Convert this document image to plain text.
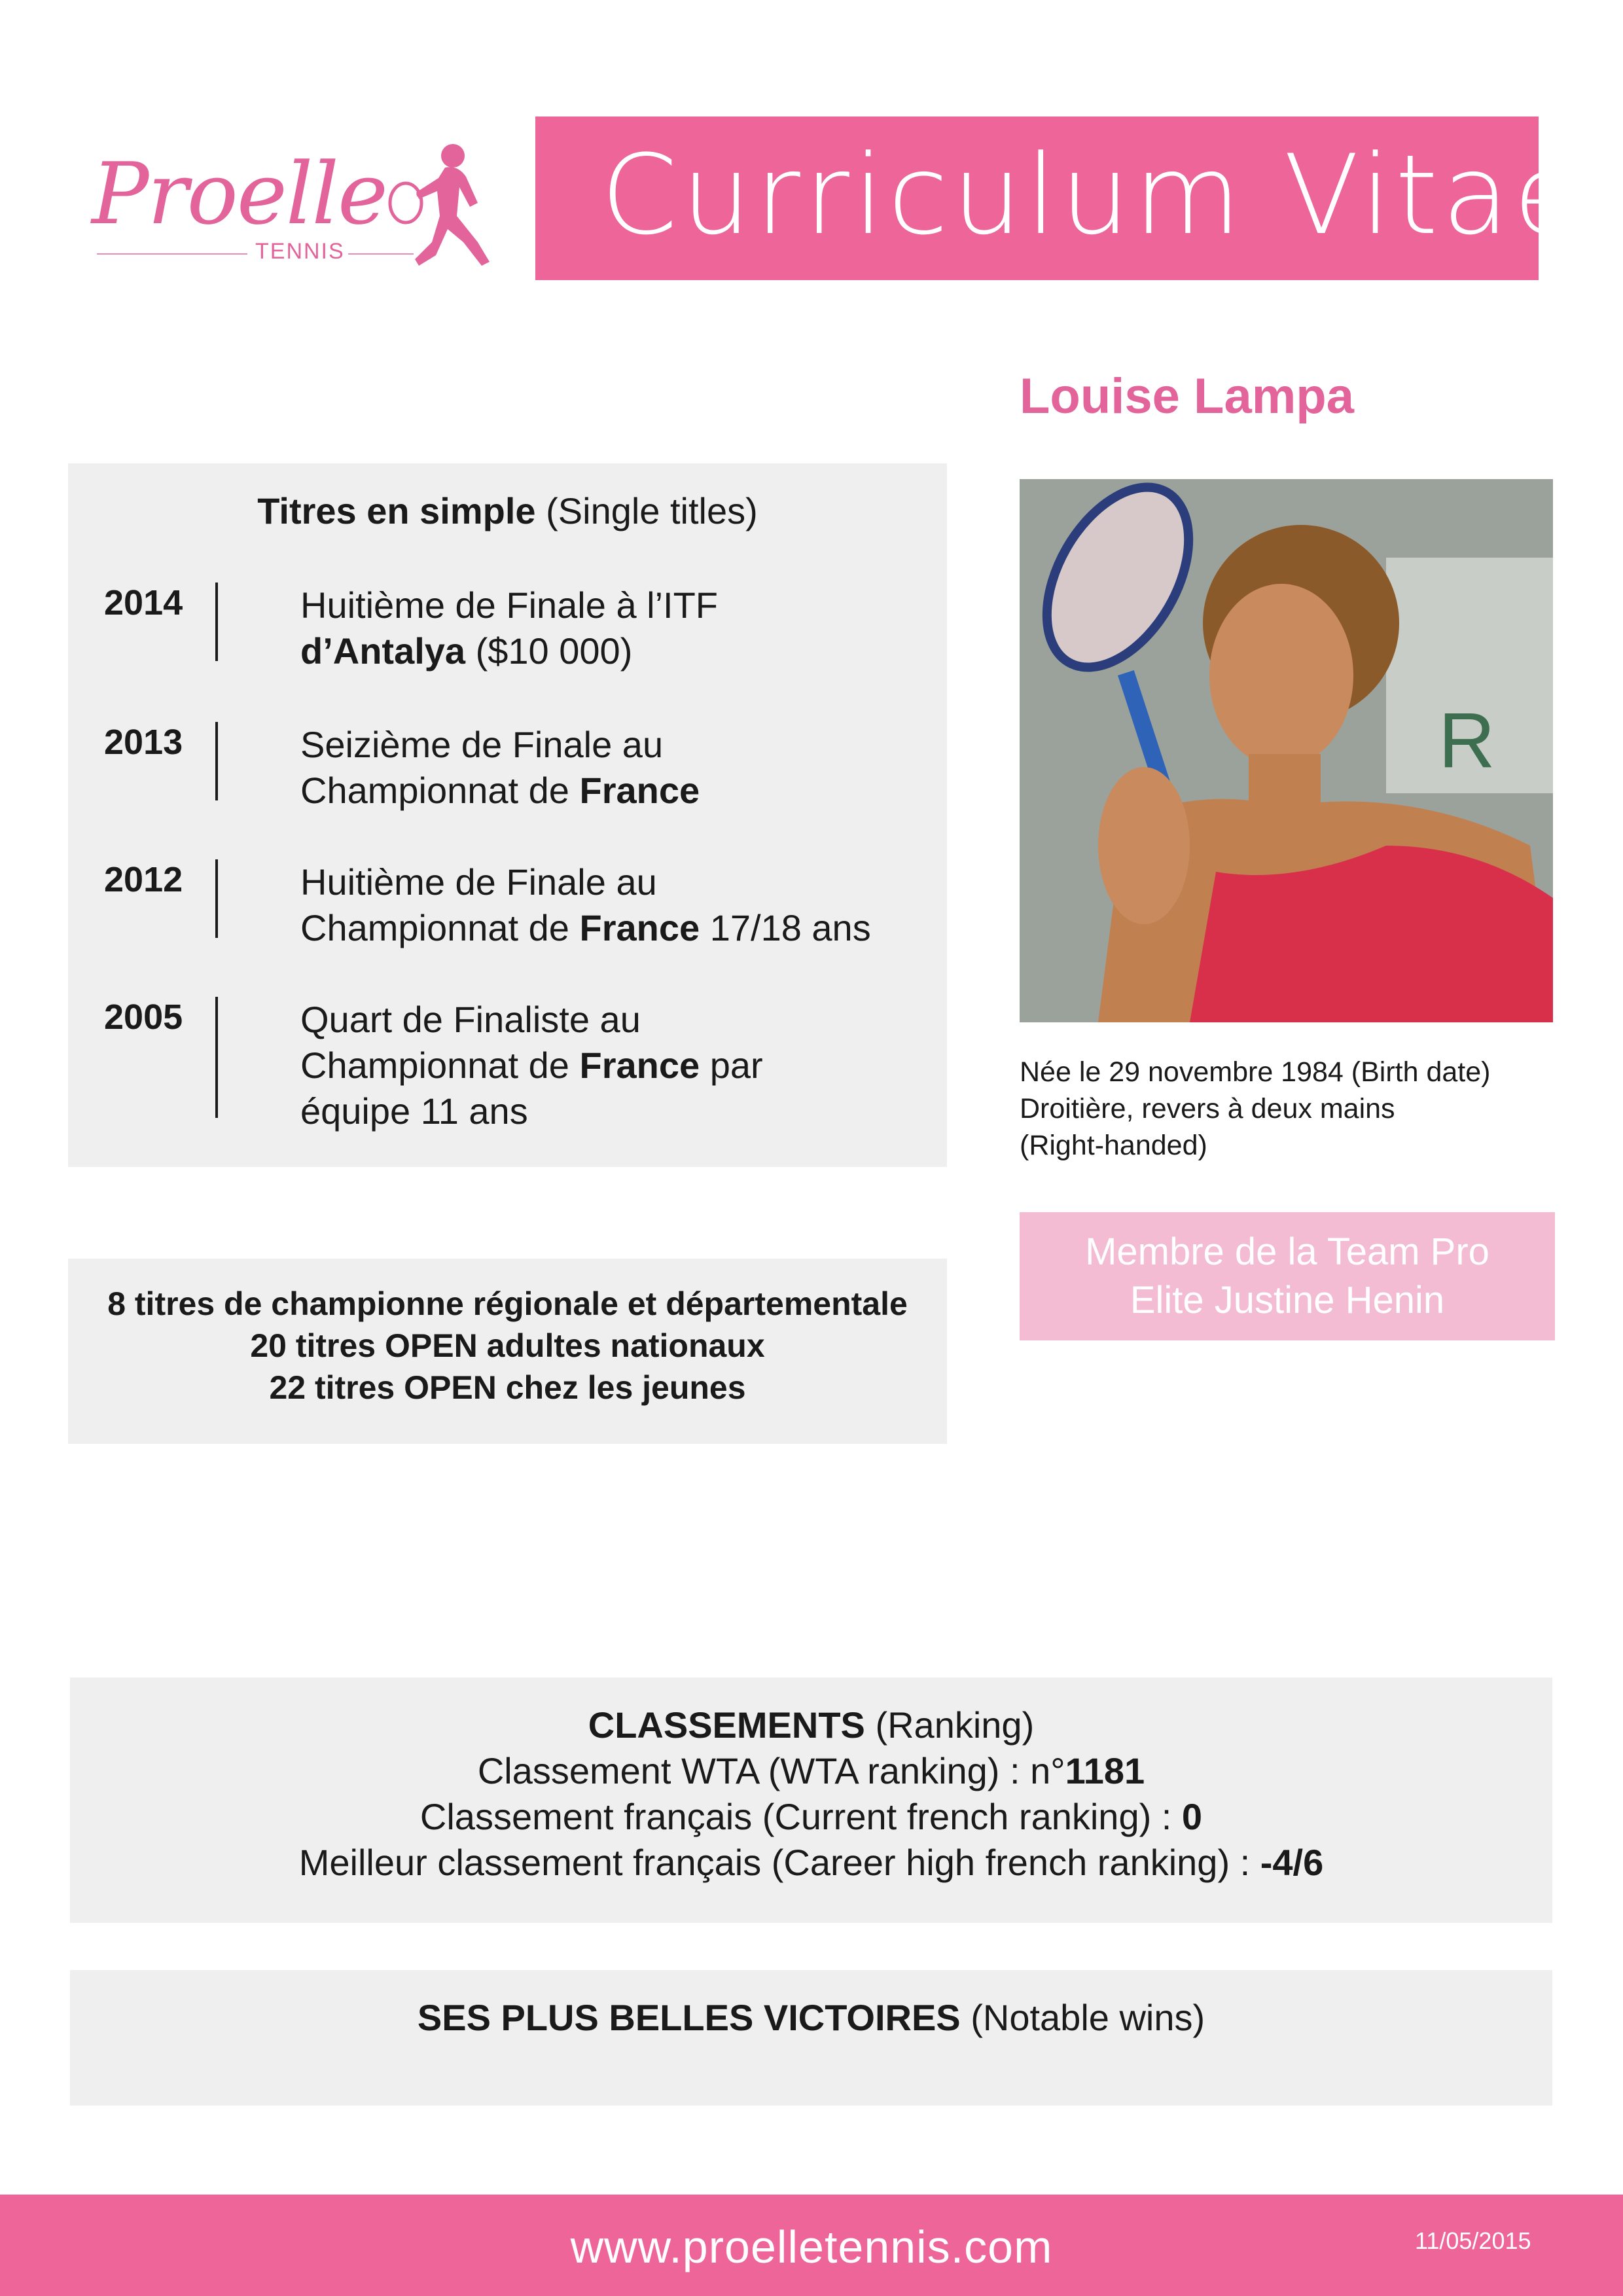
Proelle
TENNIS Curriculum Vitae
Louise Lampa
R
Née le 29 novembre 1984 (Birth date)
Droitière, revers à deux mains
(Right-handed)
Membre de la Team Pro
Elite Justine Henin
Titres en simple (Single titles)
2014	Huitième de Finale à l’ITF
d’Antalya ($10 000)
2013	Seizième de Finale au
Championnat de France
2012	Huitième de Finale au
Championnat de France 17/18 ans
2005	Quart de Finaliste au
Championnat de France par
équipe 11 ans
8 titres de championne régionale et départementale
20 titres OPEN adultes nationaux
22 titres OPEN chez les jeunes
CLASSEMENTS (Ranking)
Classement WTA (WTA ranking) : n°1181
Classement français (Current french ranking) : 0
Meilleur classement français (Career high french ranking) : -4/6
SES PLUS BELLES VICTOIRES (Notable wins)
www.proelletennis.com	11/05/2015
